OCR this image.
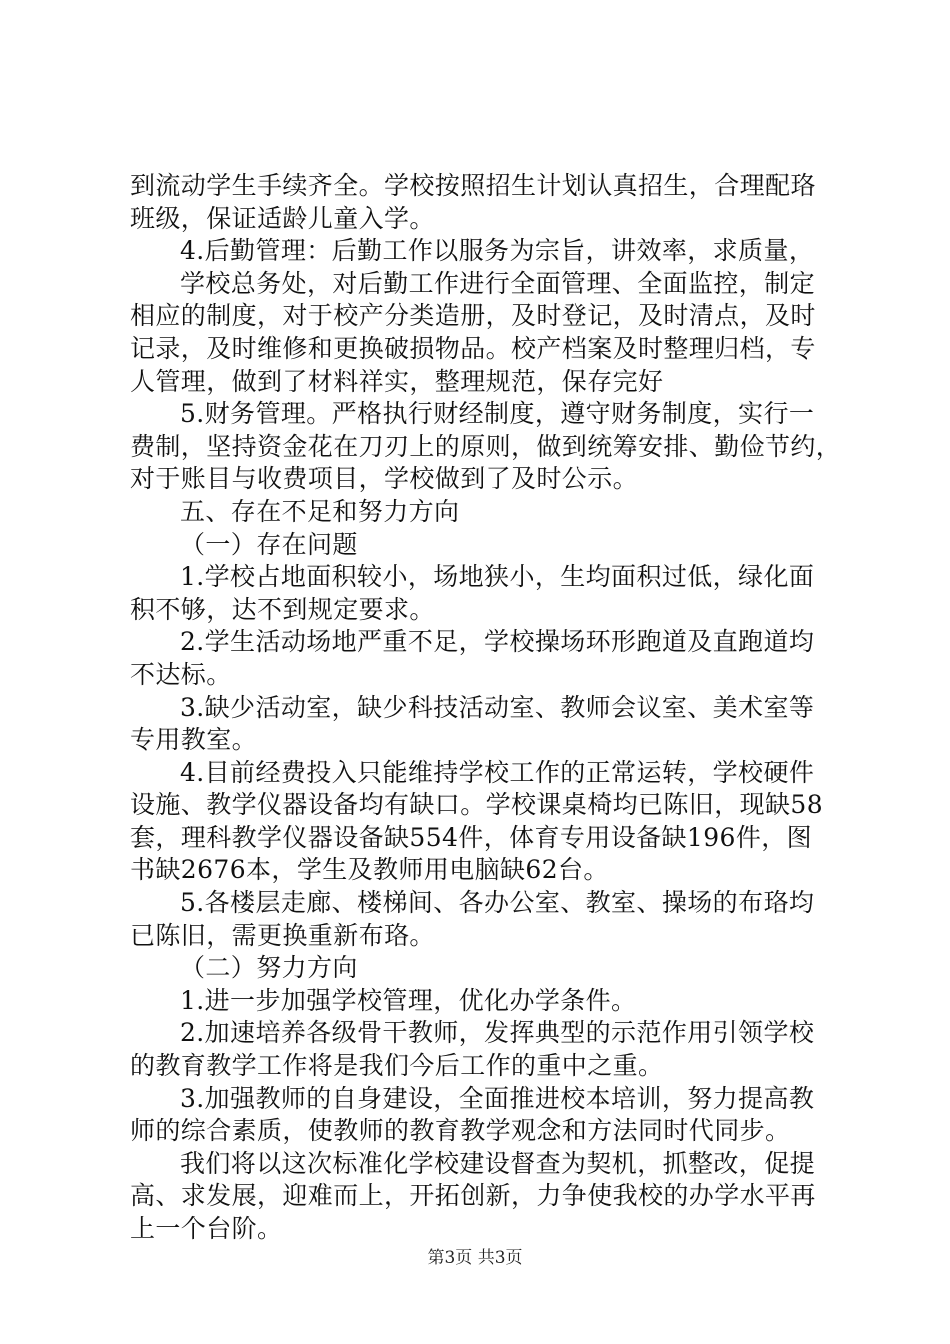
到流动学生手续齐全。学校按照招生计划认真招生，合理配珞
班级，保证适龄儿童入学。
4.后勤管理：后勤工作以服务为宗旨，讲效率，求质量，
学校总务处，对后勤工作进行全面管理、全面监控，制定
相应的制度，对于校产分类造册，及时登记，及时清点，及时
记录，及时维修和更换破损物品。校产档案及时整理归档，专
人管理，做到了材料祥实，整理规范，保存完好
5.财务管理。严格执行财经制度，遵守财务制度，实行一
费制，坚持资金花在刀刃上的原则，做到统筹安排、勤俭节约，
对于账目与收费项目，学校做到了及时公示。
五、存在不足和努力方向
（一）存在问题
1.学校占地面积较小，场地狭小，生均面积过低，绿化面
积不够，达不到规定要求。
2.学生活动场地严重不足，学校操场环形跑道及直跑道均
不达标。
3.缺少活动室，缺少科技活动室、教师会议室、美术室等
专用教室。
4.目前经费投入只能维持学校工作的正常运转，学校硬件
设施、教学仪器设备均有缺口。学校课桌椅均已陈旧，现缺58
套，理科教学仪器设备缺554件，体育专用设备缺196件，图
书缺2676本，学生及教师用电脑缺62台。
5.各楼层走廊、楼梯间、各办公室、教室、操场的布珞均
已陈旧，需更换重新布珞。
（二）努力方向
1.进一步加强学校管理，优化办学条件。
2.加速培养各级骨干教师，发挥典型的示范作用引领学校
的教育教学工作将是我们今后工作的重中之重。
3.加强教师的自身建设，全面推进校本培训，努力提高教
师的综合素质，使教师的教育教学观念和方法同时代同步。
我们将以这次标准化学校建设督查为契机，抓整改，促提
高、求发展，迎难而上，开拓创新，力争使我校的办学水平再
上一个台阶。
第3页 共3页
